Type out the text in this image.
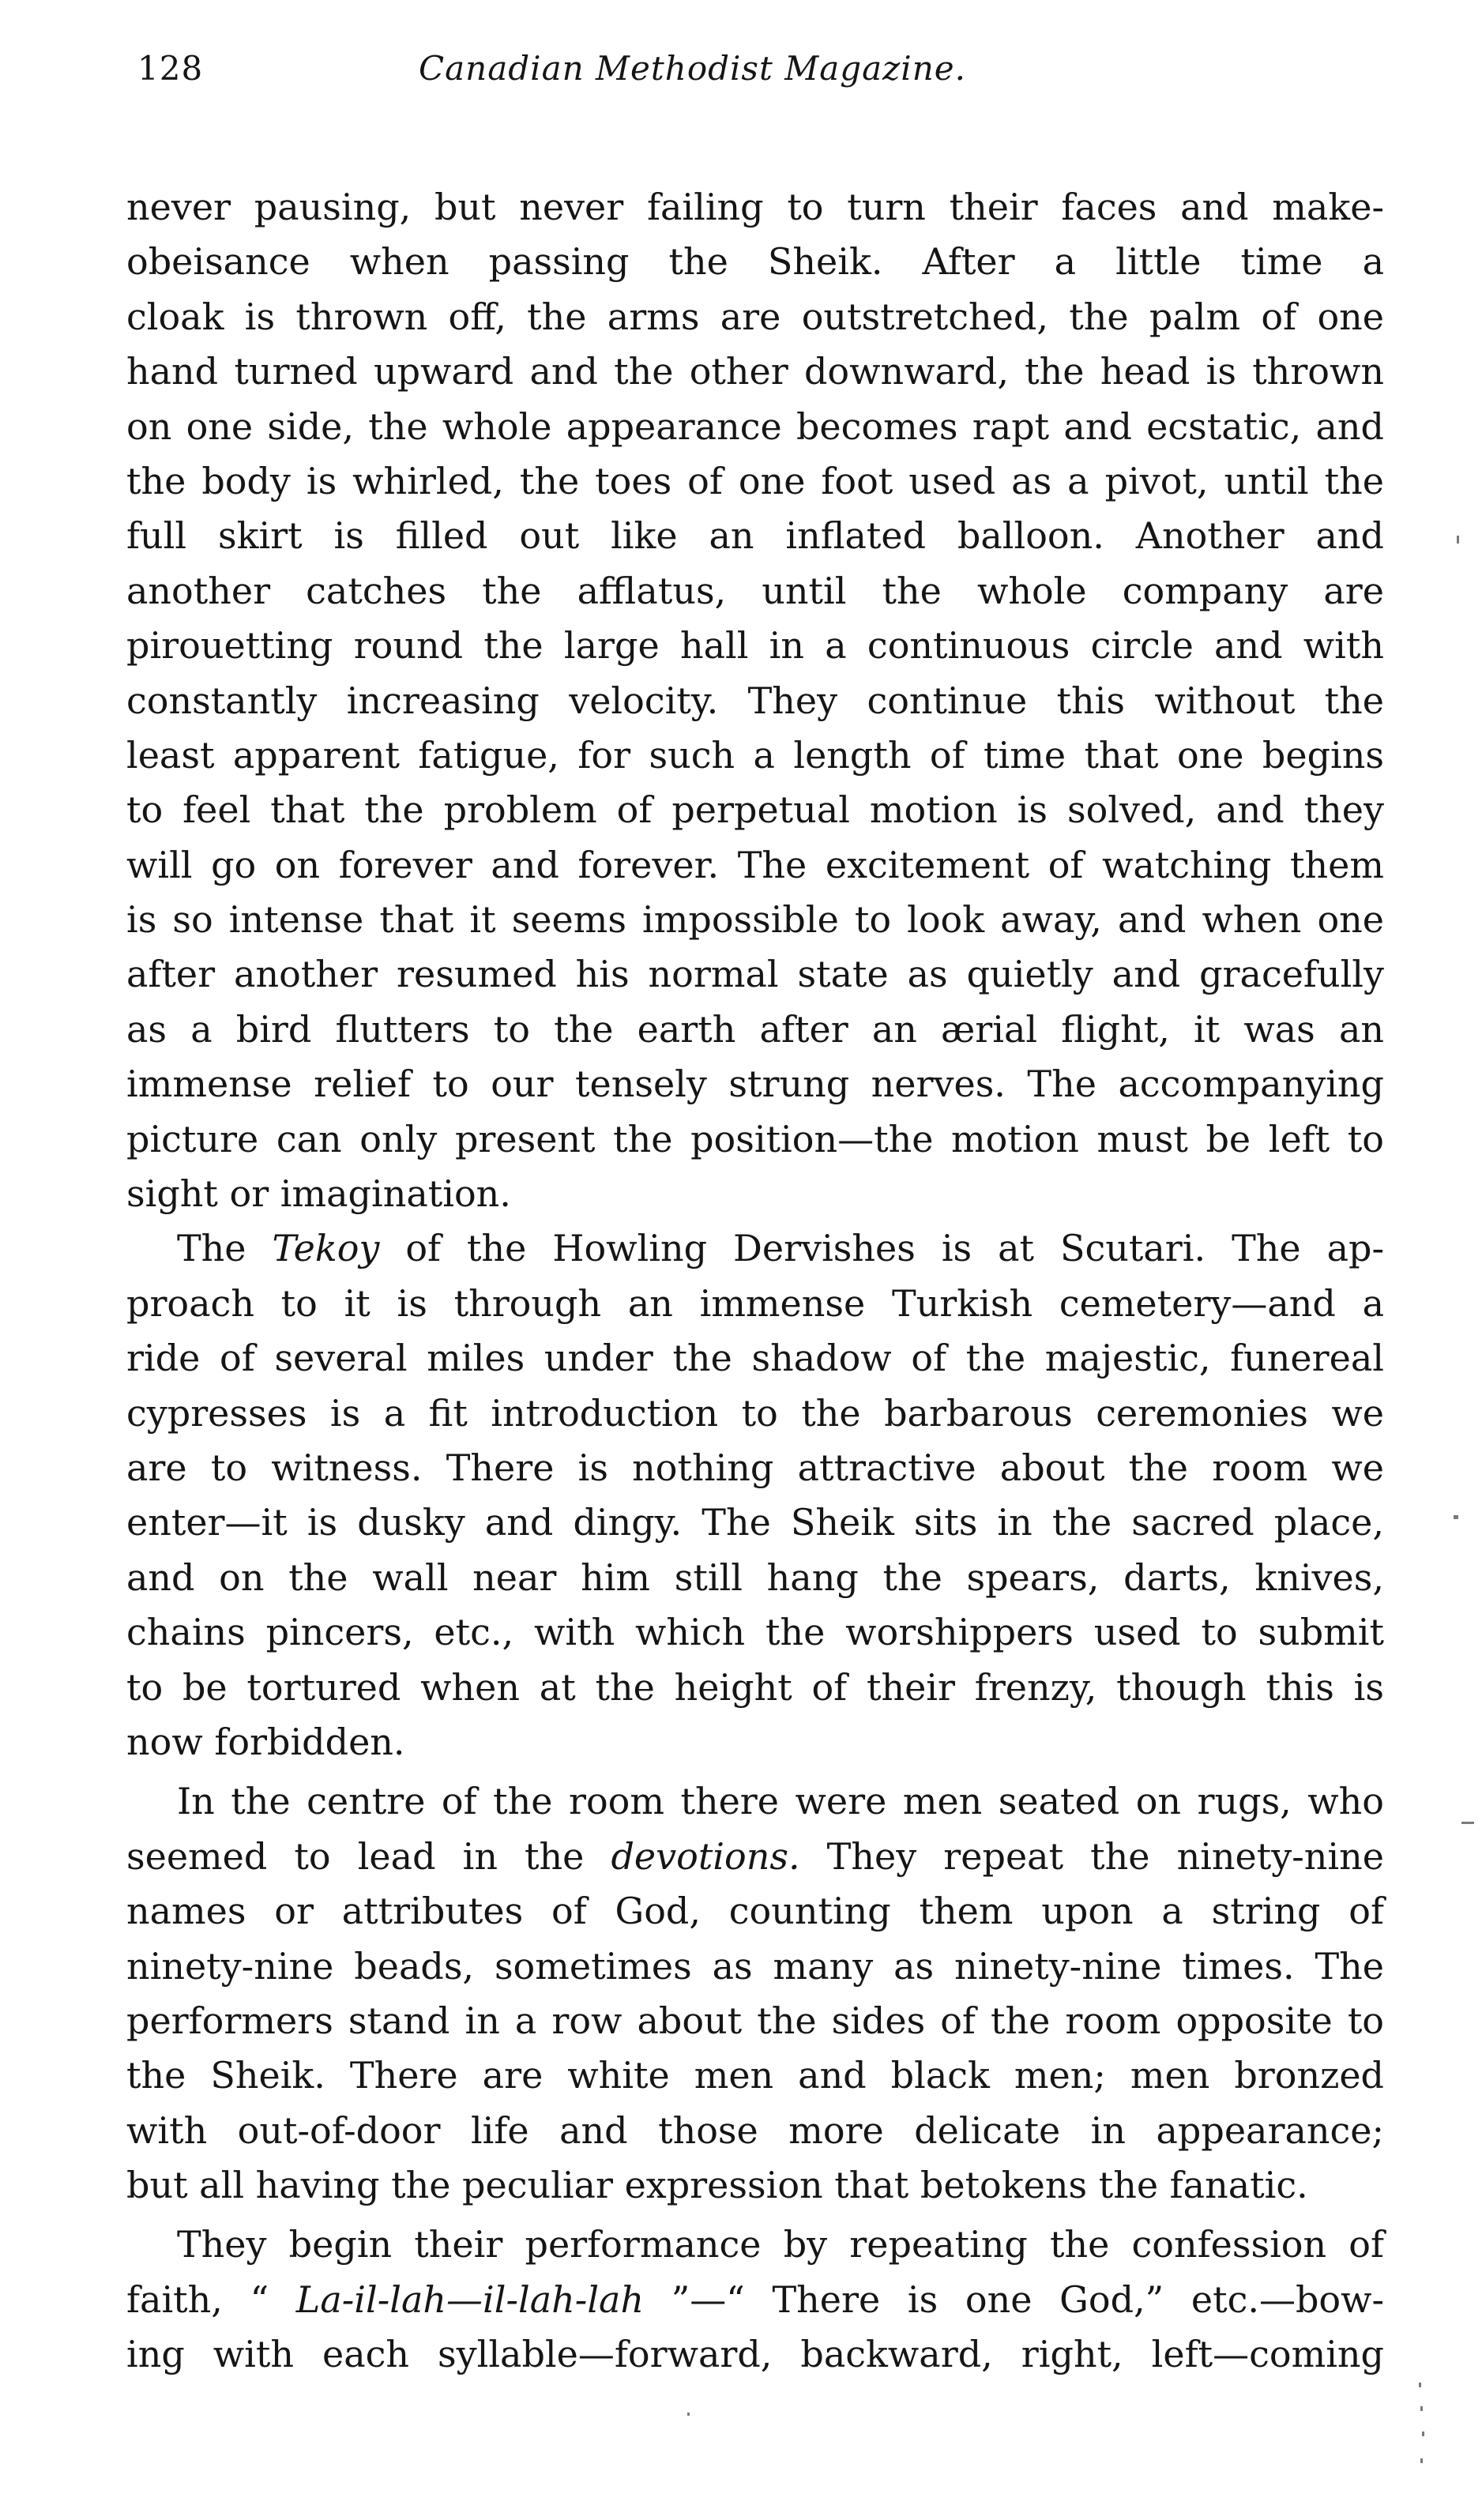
128	Canadian Methodist Magazine.
never pausing, but never failing to turn their faces and make-
obeisance when passing the Sheik. After a little time a
cloak is thrown off, the arms are outstretched, the palm of one
hand turned upward and the other downward, the head is thrown
on one side, the whole appearance becomes rapt and ecstatic, and
the body is whirled, the toes of one foot used as a pivot, until the
full skirt is filled out like an inflated balloon. Another and
another catches the afflatus, until the whole company are
pirouetting round the large hall in a continuous circle and with
constantly increasing velocity. They continue this without the
least apparent fatigue, for such a length of time that one begins
to feel that the problem of perpetual motion is solved, and they
will go on forever and forever. The excitement of watching them
is so intense that it seems impossible to look away, and when one
after another resumed his normal state as quietly and gracefully
as a bird flutters to the earth after an ærial flight, it was an
immense relief to our tensely strung nerves. The accompanying
picture can only present the position—the motion must be left to
sight or imagination.
The Tekoy of the Howling Dervishes is at Scutari. The ap-
proach to it is through an immense Turkish cemetery—and a
ride of several miles under the shadow of the majestic, funereal
cypresses is a fit introduction to the barbarous ceremonies we
are to witness. There is nothing attractive about the room we
enter—it is dusky and dingy. The Sheik sits in the sacred place,
and on the wall near him still hang the spears, darts, knives,
chains pincers, etc., with which the worshippers used to submit
to be tortured when at the height of their frenzy, though this is
now forbidden.
In the centre of the room there were men seated on rugs, who
seemed to lead in the devotions. They repeat the ninety-nine
names or attributes of God, counting them upon a string of
ninety-nine beads, sometimes as many as ninety-nine times. The
performers stand in a row about the sides of the room opposite to
the Sheik. There are white men and black men; men bronzed
with out-of-door life and those more delicate in appearance;
but all having the peculiar expression that betokens the fanatic.
They begin their performance by repeating the confession of
faith, “ La-il-lah—il-lah-lah ”—“ There is one God,” etc.—bow-
ing with each syllable—forward, backward, right, left—coming
